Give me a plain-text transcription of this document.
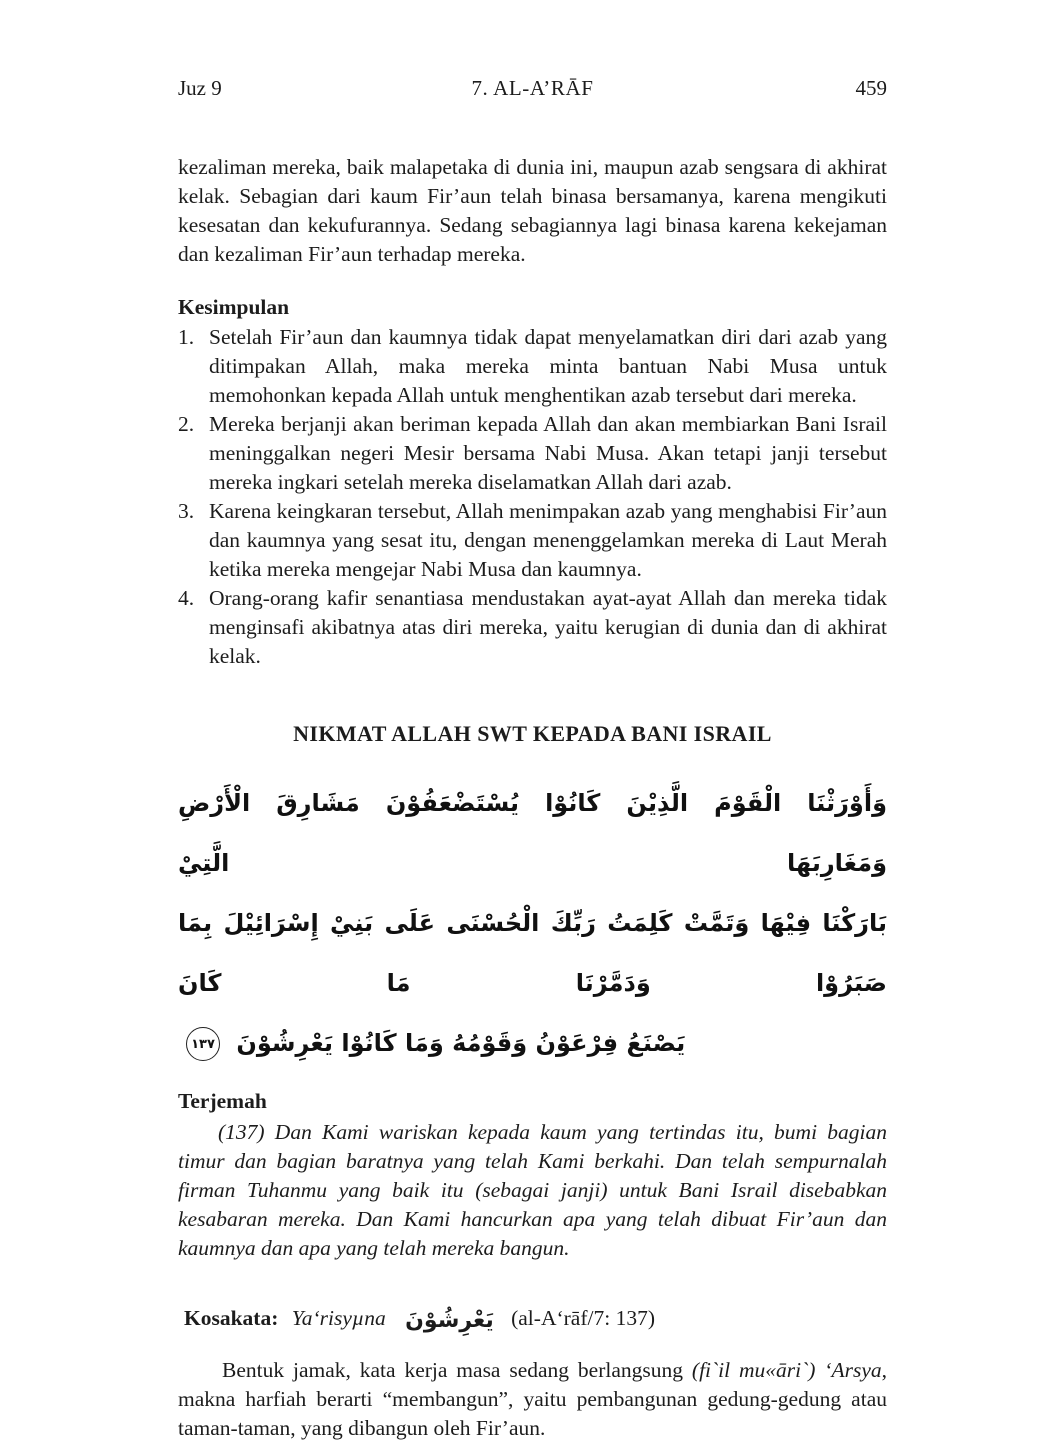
Juz 9	7. AL-A’RĀF	459

kezaliman mereka, baik malapetaka di dunia ini, maupun azab sengsara di akhirat kelak. Sebagian dari kaum Fir’aun telah binasa bersamanya, karena mengikuti kesesatan dan kekufurannya. Sedang sebagiannya lagi binasa karena kekejaman dan kezaliman Fir’aun terhadap mereka.

Kesimpulan
1. Setelah Fir’aun dan kaumnya tidak dapat menyelamatkan diri dari azab yang ditimpakan Allah, maka mereka minta bantuan Nabi Musa untuk memohonkan kepada Allah untuk menghentikan azab tersebut dari mereka.
2. Mereka berjanji akan beriman kepada Allah dan akan membiarkan Bani Israil meninggalkan negeri Mesir bersama Nabi Musa. Akan tetapi janji tersebut mereka ingkari setelah mereka diselamatkan Allah dari azab.
3. Karena keingkaran tersebut, Allah menimpakan azab yang menghabisi Fir’aun dan kaumnya yang sesat itu, dengan menenggelamkan mereka di Laut Merah ketika mereka mengejar Nabi Musa dan kaumnya.
4. Orang-orang kafir senantiasa mendustakan ayat-ayat Allah dan mereka tidak menginsafi akibatnya atas diri mereka, yaitu kerugian di dunia dan di akhirat kelak.
NIKMAT ALLAH SWT KEPADA BANI ISRAIL
وَأَوْرَثْنَا الْقَوْمَ الَّذِيْنَ كَانُوْا يُسْتَضْعَفُوْنَ مَشَارِقَ الْأَرْضِ وَمَغَارِبَهَا الَّتِيْ
بَارَكْنَا فِيْهَا وَتَمَّتْ كَلِمَتُ رَبِّكَ الْحُسْنَى عَلَى بَنِيْ إِسْرَائِيْلَ بِمَا صَبَرُوْا وَدَمَّرْنَا مَا كَانَ
يَصْنَعُ فِرْعَوْنُ وَقَوْمُهُ وَمَا كَانُوْا يَعْرِشُوْنَ ١٣٧
Terjemah

(137) Dan Kami wariskan kepada kaum yang tertindas itu, bumi bagian timur dan bagian baratnya yang telah Kami berkahi. Dan telah sempurnalah firman Tuhanmu yang baik itu (sebagai janji) untuk Bani Israil disebabkan kesabaran mereka. Dan Kami hancurkan apa yang telah dibuat Fir’aun dan kaumnya dan apa yang telah mereka bangun.

Kosakata: Ya‘risyµna يَعْرِشُوْنَ (al-A‘rāf/7: 137)

Bentuk jamak, kata kerja masa sedang berlangsung (fi`il mu«āri`) ‘Arsya, makna harfiah berarti “membangun”, yaitu pembangunan gedung-gedung atau taman-taman, yang dibangun oleh Fir’aun.
